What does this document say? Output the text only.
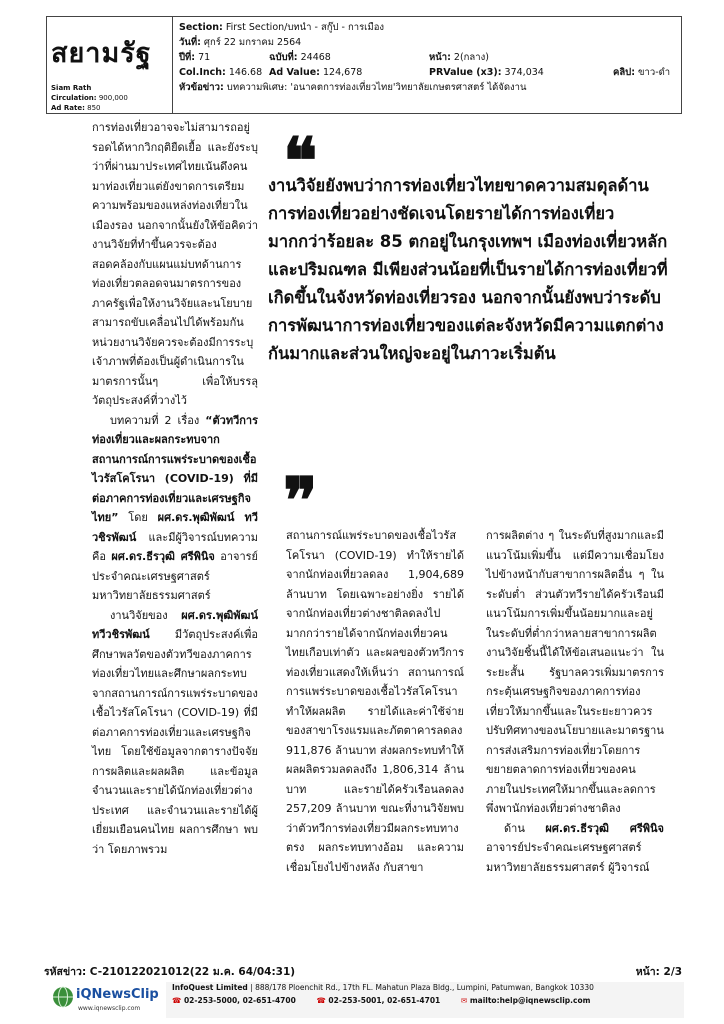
สยามรัฐ
Siam Rath
Circulation: 900,000
Ad Rate: 850
Section: First Section/บทนำ - สกู๊ป - การเมือง
วันที่: ศุกร์ 22 มกราคม 2564
ปีที่: 71	ฉบับที่: 24468	หน้า: 2(กลาง)
Col.Inch: 146.68 Ad Value: 124,678	PRValue (x3): 374,034	คลิป: ขาว-ดำ
หัวข้อข่าว: บทความพิเศษ: 'อนาคตการท่องเที่ยวไทย'วิทยาลัยเกษตรศาสตร์ ได้จัดงาน

การท่องเที่ยวอาจจะไม่สามารถอยู่รอดได้หากวิกฤติยืดเยื้อ และยังระบุว่าที่ผ่านมาประเทศไทยเน้นดึงคนมาท่องเที่ยวแต่ยังขาดการเตรียมความพร้อมของแหล่งท่องเที่ยวในเมืองรอง นอกจากนั้นยังให้ข้อคิดว่างานวิจัยที่ทำขึ้นควรจะต้องสอดคล้องกับแผนแม่บทด้านการท่องเที่ยวตลอดจนมาตรการของภาครัฐเพื่อให้งานวิจัยและนโยบายสามารถขับเคลื่อนไปได้พร้อมกันหน่วยงานวิจัยควรจะต้องมีการระบุเจ้าภาพที่ต้องเป็นผู้ดำเนินการในมาตรการนั้นๆ เพื่อให้บรรลุวัตถุประสงค์ที่วางไว้

บทความที่ 2 เรื่อง “ตัวทวีการท่องเที่ยวและผลกระทบจากสถานการณ์การแพร่ระบาดของเชื้อไวรัสโคโรนา (COVID-19) ที่มีต่อภาคการท่องเที่ยวและเศรษฐกิจไทย” โดย ผศ.ดร.พุฒิพัฒน์ ทวีวชิรพัฒน์ และมีผู้วิจารณ์บทความคือ ผศ.ดร.ธีรวุฒิ ศรีพินิจ อาจารย์ประจำคณะเศรษฐศาสตร์ มหาวิทยาลัยธรรมศาสตร์

งานวิจัยของ ผศ.ดร.พุฒิพัฒน์ ทวีวชิรพัฒน์ มีวัตถุประสงค์เพื่อศึกษาพลวัตของตัวทวีของภาคการท่องเที่ยวไทยและศึกษาผลกระทบจากสถานการณ์การแพร่ระบาดของเชื้อไวรัสโคโรนา (COVID-19) ที่มีต่อภาคการท่องเที่ยวและเศรษฐกิจไทย โดยใช้ข้อมูลจากตารางปัจจัยการผลิตและผลผลิต และข้อมูลจำนวนและรายได้นักท่องเที่ยวต่างประเทศ และจำนวนและรายได้ผู้เยี่ยมเยือนคนไทย ผลการศึกษา พบว่า โดยภาพรวม

❝
งานวิจัยยังพบว่าการท่องเที่ยวไทยขาดความสมดุลด้านการท่องเที่ยวอย่างชัดเจนโดยรายได้การท่องเที่ยวมากกว่าร้อยละ 85 ตกอยู่ในกรุงเทพฯ เมืองท่องเที่ยวหลัก และปริมณฑล มีเพียงส่วนน้อยที่เป็นรายได้การท่องเที่ยวที่เกิดขึ้นในจังหวัดท่องเที่ยวรอง นอกจากนั้นยังพบว่าระดับการพัฒนาการท่องเที่ยวของแต่ละจังหวัดมีความแตกต่างกันมากและส่วนใหญ่จะอยู่ในภาวะเริ่มต้น
❞

สถานการณ์แพร่ระบาดของเชื้อไวรัสโคโรนา (COVID-19) ทำให้รายได้จากนักท่องเที่ยวลดลง 1,904,689 ล้านบาท โดยเฉพาะอย่างยิ่ง รายได้จากนักท่องเที่ยวต่างชาติลดลงไปมากกว่ารายได้จากนักท่องเที่ยวคนไทยเกือบเท่าตัว และผลของตัวทวีการท่องเที่ยวแสดงให้เห็นว่า สถานการณ์การแพร่ระบาดของเชื้อไวรัสโคโรนา ทำให้ผลผลิต รายได้และค่าใช้จ่ายของสาขาโรงแรมและภัตตาคารลดลง 911,876 ล้านบาท ส่งผลกระทบทำให้ผลผลิตรวมลดลงถึง 1,806,314 ล้านบาท และรายได้ครัวเรือนลดลง 257,209 ล้านบาท ขณะที่งานวิจัยพบว่าตัวทวีการท่องเที่ยวมีผลกระทบทางตรง ผลกระทบทางอ้อม และความเชื่อมโยงไปข้างหลัง กับสาขา

การผลิตต่าง ๆ ในระดับที่สูงมากและมีแนวโน้มเพิ่มขึ้น แต่มีความเชื่อมโยงไปข้างหน้ากับสาขาการผลิตอื่น ๆ ในระดับต่ำ ส่วนตัวทวีรายได้ครัวเรือนมีแนวโน้มการเพิ่มขึ้นน้อยมากและอยู่ในระดับที่ต่ำกว่าหลายสาขาการผลิต งานวิจัยชิ้นนี้ได้ให้ข้อเสนอแนะว่า ในระยะสั้น รัฐบาลควรเพิ่มมาตรการกระตุ้นเศรษฐกิจของภาคการท่องเที่ยวให้มากขึ้นและในระยะยาวควรปรับทิศทางของนโยบายและมาตรฐานการส่งเสริมการท่องเที่ยวโดยการขยายตลาดการท่องเที่ยวของคนภายในประเทศให้มากขึ้นและลดการพึ่งพานักท่องเที่ยวต่างชาติลง

ด้าน ผศ.ดร.ธีรวุฒิ ศรีพินิจ อาจารย์ประจำคณะเศรษฐศาสตร์ มหาวิทยาลัยธรรมศาสตร์ ผู้วิจารณ์

รหัสข่าว: C-210122021012(22 ม.ค. 64/04:31)	หน้า: 2/3
iQNewsClip
www.iqnewsclip.com
InfoQuest Limited | 888/178 Ploenchit Rd., 17th FL. Mahatun Plaza Bldg., Lumpini, Patumwan, Bangkok 10330
☎ 02-253-5000, 02-651-4700	☎ 02-253-5001, 02-651-4701	✉ mailto:help@iqnewsclip.com
